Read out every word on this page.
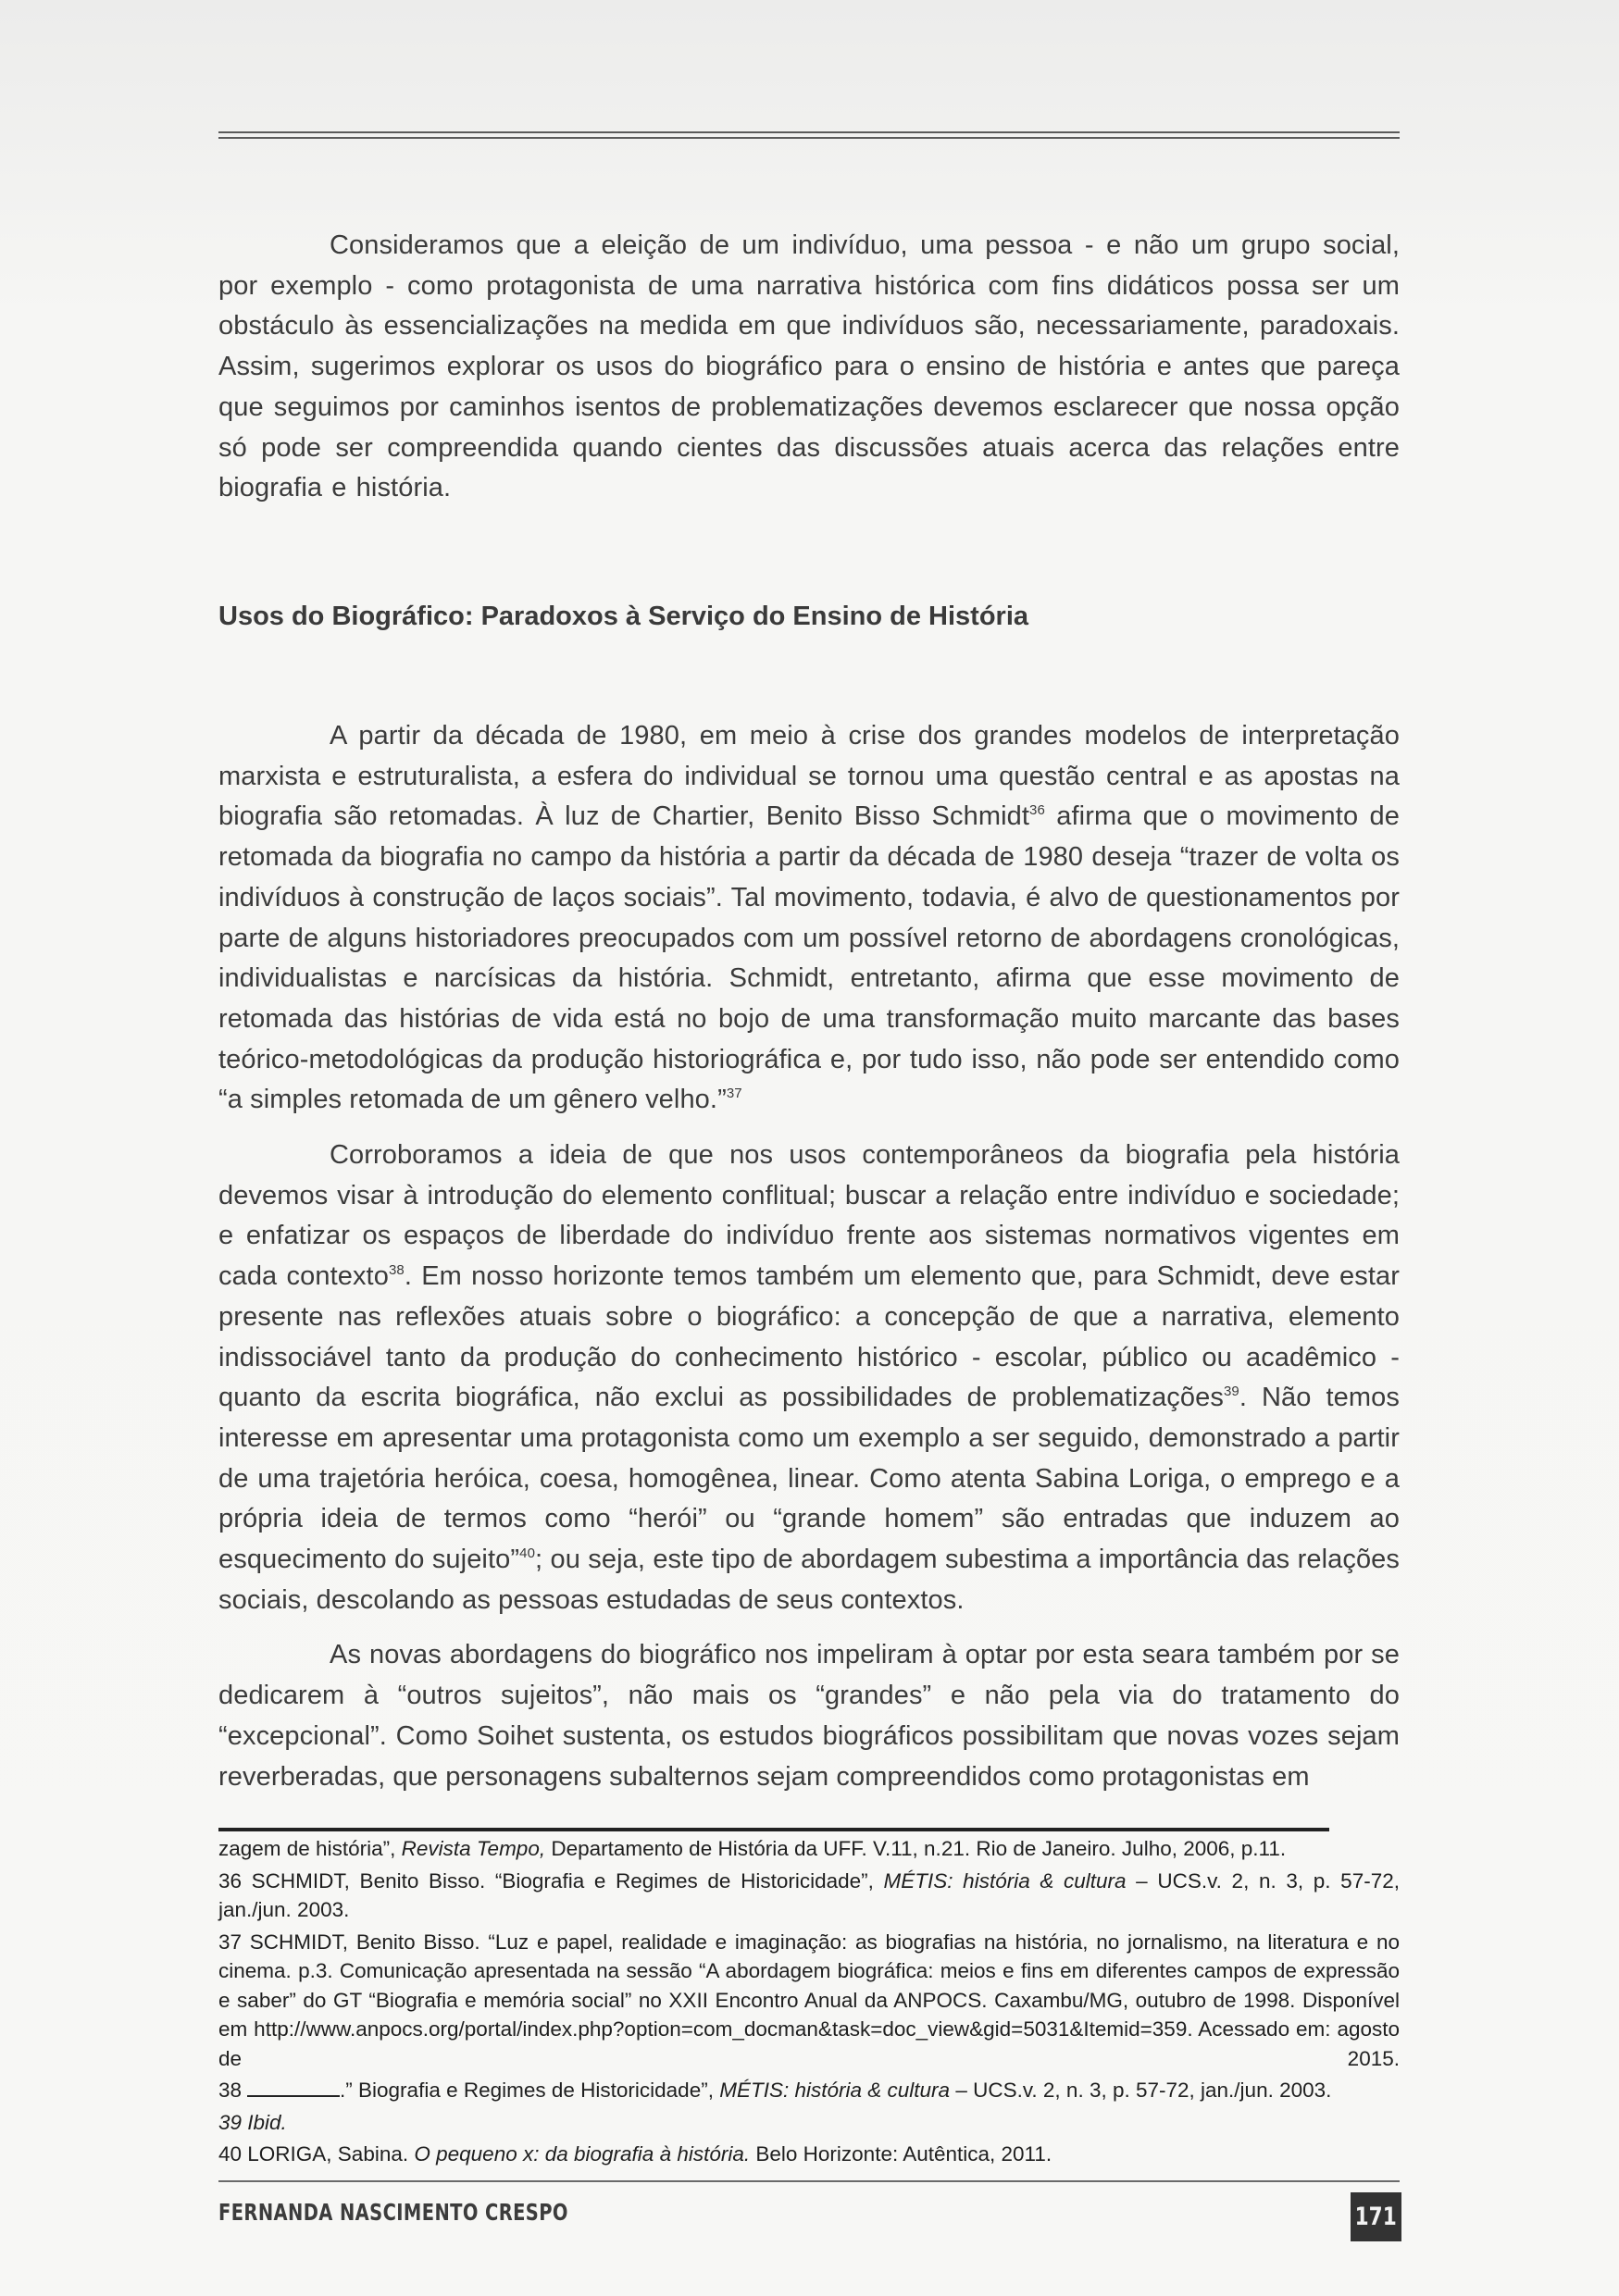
Consideramos que a eleição de um indivíduo, uma pessoa - e não um grupo social, por exemplo - como protagonista de uma narrativa histórica com fins didáticos possa ser um obstáculo às essencializações na medida em que indivíduos são, necessariamente, paradoxais. Assim, sugerimos explorar os usos do biográfico para o ensino de história e antes que pareça que seguimos por caminhos isentos de problematizações devemos esclarecer que nossa opção só pode ser compreendida quando cientes das discussões atuais acerca das relações entre biografia e história.

Usos do Biográfico: Paradoxos à Serviço do Ensino de História

A partir da década de 1980, em meio à crise dos grandes modelos de interpretação marxista e estruturalista, a esfera do individual se tornou uma questão central e as apostas na biografia são retomadas. À luz de Chartier, Benito Bisso Schmidt$^{36}$ afirma que o movimento de retomada da biografia no campo da história a partir da década de 1980 deseja “trazer de volta os indivíduos à construção de laços sociais”. Tal movimento, todavia, é alvo de questionamentos por parte de alguns historiadores preocupados com um possível retorno de abordagens cronológicas, individualistas e narcísicas da história. Schmidt, entretanto, afirma que esse movimento de retomada das histórias de vida está no bojo de uma transformação muito marcante das bases teórico-metodológicas da produção historiográfica e, por tudo isso, não pode ser entendido como “a simples retomada de um gênero velho.”$^{37}$

Corroboramos a ideia de que nos usos contemporâneos da biografia pela história devemos visar à introdução do elemento conflitual; buscar a relação entre indivíduo e sociedade; e enfatizar os espaços de liberdade do indivíduo frente aos sistemas normativos vigentes em cada contexto$^{38}$. Em nosso horizonte temos também um elemento que, para Schmidt, deve estar presente nas reflexões atuais sobre o biográfico: a concepção de que a narrativa, elemento indissociável tanto da produção do conhecimento histórico - escolar, público ou acadêmico - quanto da escrita biográfica, não exclui as possibilidades de problematizações$^{39}$. Não temos interesse em apresentar uma protagonista como um exemplo a ser seguido, demonstrado a partir de uma trajetória heróica, coesa, homogênea, linear. Como atenta Sabina Loriga, o emprego e a própria ideia de termos como “herói” ou “grande homem” são entradas que induzem ao esquecimento do sujeito”$^{40}$; ou seja, este tipo de abordagem subestima a importância das relações sociais, descolando as pessoas estudadas de seus contextos.

As novas abordagens do biográfico nos impeliram à optar por esta seara também por se dedicarem à “outros sujeitos”, não mais os “grandes” e não pela via do tratamento do “excepcional”. Como Soihet sustenta, os estudos biográficos possibilitam que novas vozes sejam reverberadas, que personagens subalternos sejam compreendidos como protagonistas em

zagem de história”, Revista Tempo, Departamento de História da UFF. V.11, n.21. Rio de Janeiro. Julho, 2006, p.11.

36 SCHMIDT, Benito Bisso. “Biografia e Regimes de Historicidade”, MÉTIS: história & cultura – UCS.v. 2, n. 3, p. 57-72, jan./jun. 2003.

37 SCHMIDT, Benito Bisso. “Luz e papel, realidade e imaginação: as biografias na história, no jornalismo, na literatura e no cinema. p.3. Comunicação apresentada na sessão “A abordagem biográfica: meios e fins em diferentes campos de expressão e saber” do GT “Biografia e memória social” no XXII Encontro Anual da ANPOCS. Caxambu/MG, outubro de 1998. Disponível em http://www.anpocs.org/portal/index.php?option=com_docman&task=doc_view&gid=5031&Itemid=359. Acessado em: agosto de 2015.

38	.” Biografia e Regimes de Historicidade”, MÉTIS: história & cultura – UCS.v. 2, n. 3, p. 57-72, jan./jun. 2003.

39 Ibid.

40 LORIGA, Sabina. O pequeno x: da biografia à história. Belo Horizonte: Autêntica, 2011.

FERNANDA NASCIMENTO CRESPO	171
